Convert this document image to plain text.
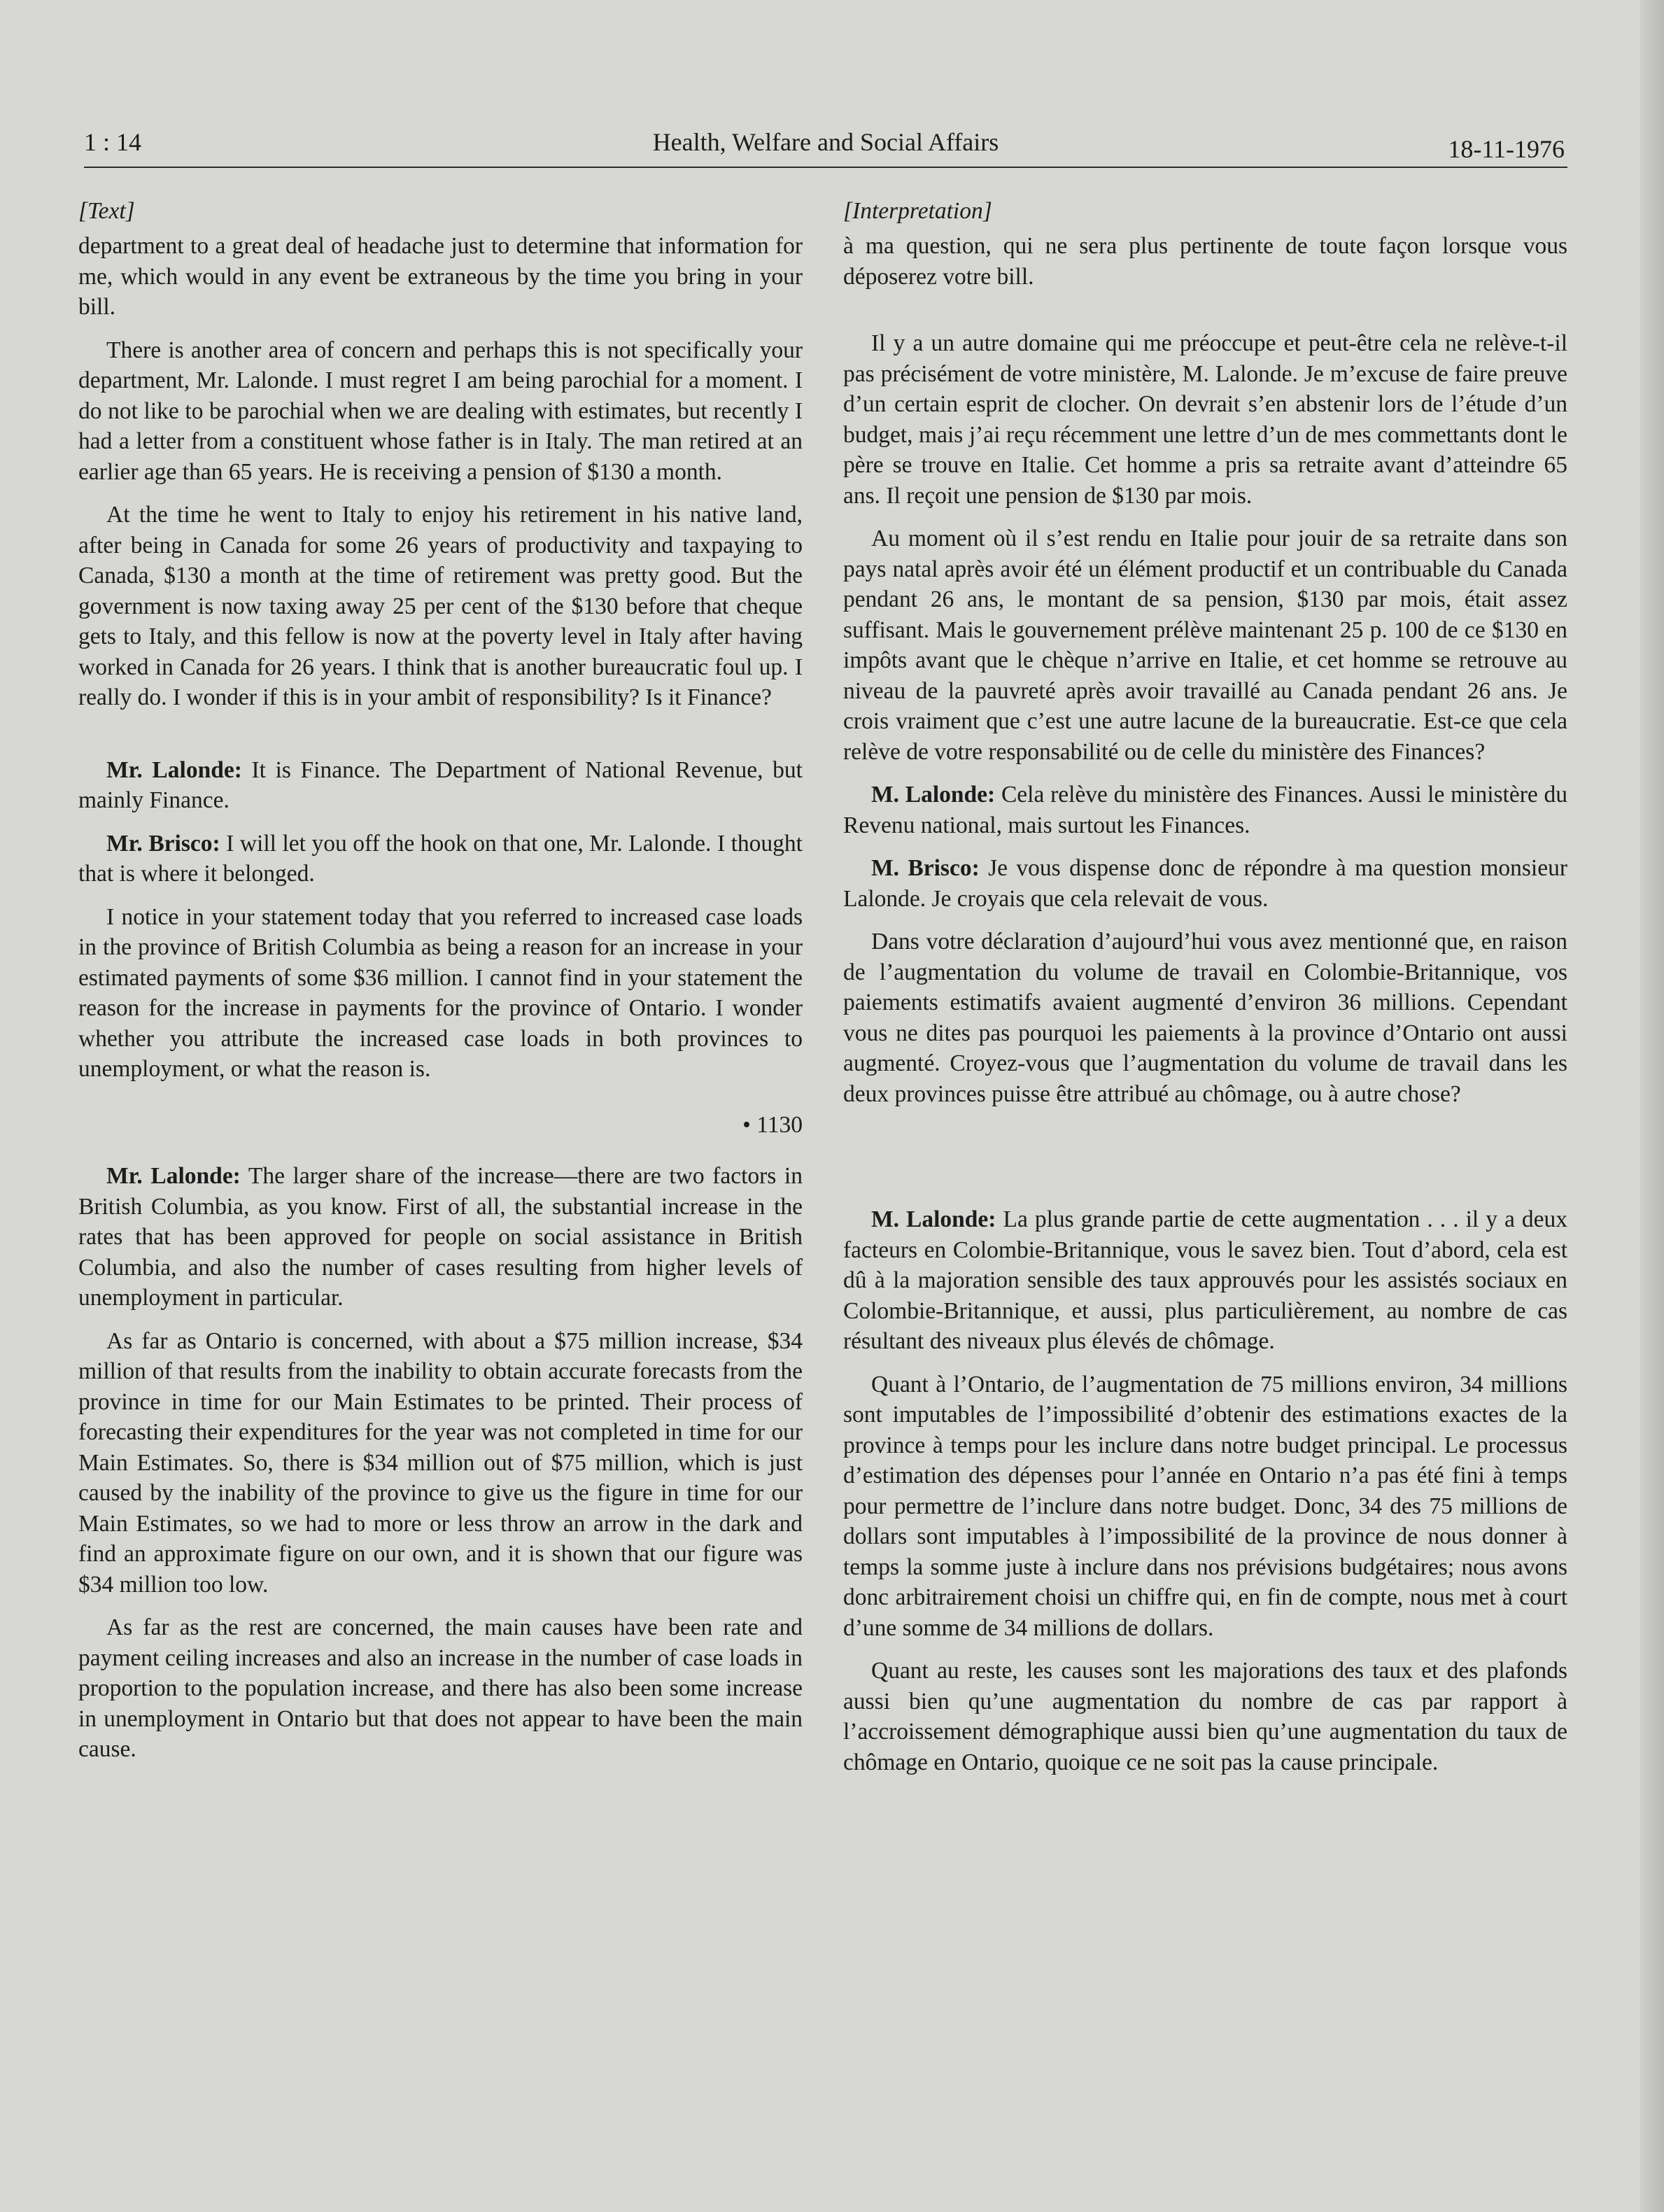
1 : 14	Health, Welfare and Social Affairs	18-11-1976
[Text]

department to a great deal of headache just to determine that information for me, which would in any event be extraneous by the time you bring in your bill.

There is another area of concern and perhaps this is not specifically your department, Mr. Lalonde. I must regret I am being parochial for a moment. I do not like to be parochial when we are dealing with estimates, but recently I had a letter from a constituent whose father is in Italy. The man retired at an earlier age than 65 years. He is receiving a pension of $130 a month.

At the time he went to Italy to enjoy his retirement in his native land, after being in Canada for some 26 years of productivity and taxpaying to Canada, $130 a month at the time of retirement was pretty good. But the government is now taxing away 25 per cent of the $130 before that cheque gets to Italy, and this fellow is now at the poverty level in Italy after having worked in Canada for 26 years. I think that is another bureaucratic foul up. I really do. I wonder if this is in your ambit of responsibility? Is it Finance?

Mr. Lalonde: It is Finance. The Department of National Revenue, but mainly Finance.

Mr. Brisco: I will let you off the hook on that one, Mr. Lalonde. I thought that is where it belonged.

I notice in your statement today that you referred to increased case loads in the province of British Columbia as being a reason for an increase in your estimated payments of some $36 million. I cannot find in your statement the reason for the increase in payments for the province of Ontario. I wonder whether you attribute the increased case loads in both provinces to unemployment, or what the reason is.

• 1130

Mr. Lalonde: The larger share of the increase—there are two factors in British Columbia, as you know. First of all, the substantial increase in the rates that has been approved for people on social assistance in British Columbia, and also the number of cases resulting from higher levels of unemployment in particular.

As far as Ontario is concerned, with about a $75 million increase, $34 million of that results from the inability to obtain accurate forecasts from the province in time for our Main Estimates to be printed. Their process of forecasting their expenditures for the year was not completed in time for our Main Estimates. So, there is $34 million out of $75 million, which is just caused by the inability of the province to give us the figure in time for our Main Estimates, so we had to more or less throw an arrow in the dark and find an approximate figure on our own, and it is shown that our figure was $34 million too low.

As far as the rest are concerned, the main causes have been rate and payment ceiling increases and also an increase in the number of case loads in proportion to the population increase, and there has also been some increase in unemployment in Ontario but that does not appear to have been the main cause.

[Interpretation]

à ma question, qui ne sera plus pertinente de toute façon lorsque vous déposerez votre bill.

Il y a un autre domaine qui me préoccupe et peut-être cela ne relève-t-il pas précisément de votre ministère, M. Lalonde. Je m’excuse de faire preuve d’un certain esprit de clocher. On devrait s’en abstenir lors de l’étude d’un budget, mais j’ai reçu récemment une lettre d’un de mes commettants dont le père se trouve en Italie. Cet homme a pris sa retraite avant d’atteindre 65 ans. Il reçoit une pension de $130 par mois.

Au moment où il s’est rendu en Italie pour jouir de sa retraite dans son pays natal après avoir été un élément productif et un contribuable du Canada pendant 26 ans, le montant de sa pension, $130 par mois, était assez suffisant. Mais le gouvernement prélève maintenant 25 p. 100 de ce $130 en impôts avant que le chèque n’arrive en Italie, et cet homme se retrouve au niveau de la pauvreté après avoir travaillé au Canada pendant 26 ans. Je crois vraiment que c’est une autre lacune de la bureaucratie. Est-ce que cela relève de votre responsabilité ou de celle du ministère des Finances?

M. Lalonde: Cela relève du ministère des Finances. Aussi le ministère du Revenu national, mais surtout les Finances.

M. Brisco: Je vous dispense donc de répondre à ma question monsieur Lalonde. Je croyais que cela relevait de vous.

Dans votre déclaration d’aujourd’hui vous avez mentionné que, en raison de l’augmentation du volume de travail en Colombie-Britannique, vos paiements estimatifs avaient augmenté d’environ 36 millions. Cependant vous ne dites pas pourquoi les paiements à la province d’Ontario ont aussi augmenté. Croyez-vous que l’augmentation du volume de travail dans les deux provinces puisse être attribué au chômage, ou à autre chose?

M. Lalonde: La plus grande partie de cette augmentation . . . il y a deux facteurs en Colombie-Britannique, vous le savez bien. Tout d’abord, cela est dû à la majoration sensible des taux approuvés pour les assistés sociaux en Colombie-Britannique, et aussi, plus particulièrement, au nombre de cas résultant des niveaux plus élevés de chômage.

Quant à l’Ontario, de l’augmentation de 75 millions environ, 34 millions sont imputables de l’impossibilité d’obtenir des estimations exactes de la province à temps pour les inclure dans notre budget principal. Le processus d’estimation des dépenses pour l’année en Ontario n’a pas été fini à temps pour permettre de l’inclure dans notre budget. Donc, 34 des 75 millions de dollars sont imputables à l’impossibilité de la province de nous donner à temps la somme juste à inclure dans nos prévisions budgétaires; nous avons donc arbitrairement choisi un chiffre qui, en fin de compte, nous met à court d’une somme de 34 millions de dollars.

Quant au reste, les causes sont les majorations des taux et des plafonds aussi bien qu’une augmentation du nombre de cas par rapport à l’accroissement démographique aussi bien qu’une augmentation du taux de chômage en Ontario, quoique ce ne soit pas la cause principale.
